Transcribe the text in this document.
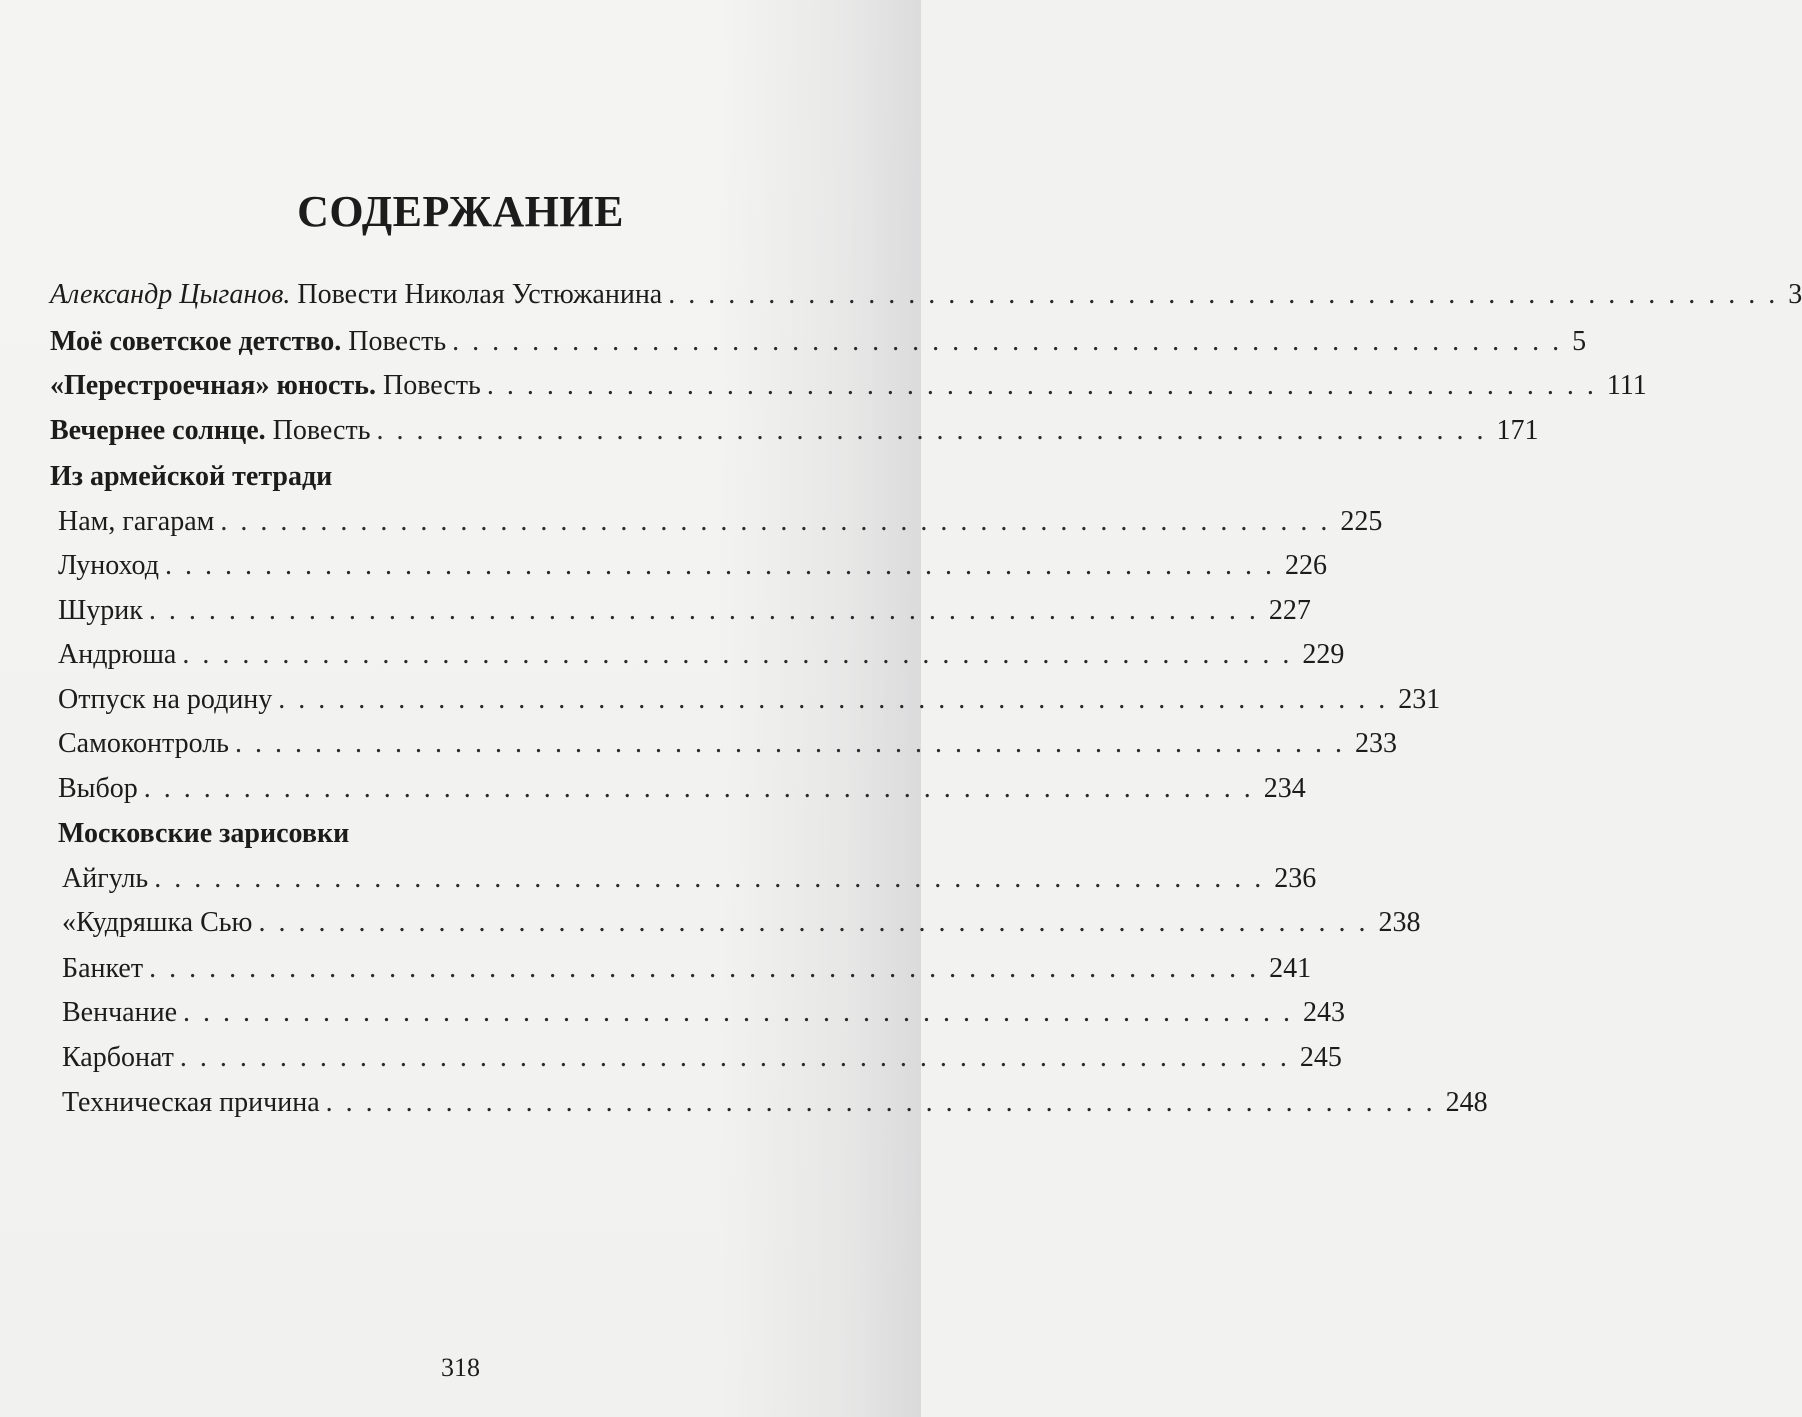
СОДЕРЖАНИЕ
Александр Цыганов. Повести Николая Устюжанина ........................................................ 3
Моё советское детство. Повесть ........................................................ 5
«Перестроечная» юность. Повесть ........................................................ 111
Вечернее солнце. Повесть ........................................................ 171
Из армейской тетради
Нам, гагарам ........................................................ 225
Луноход ........................................................ 226
Шурик ........................................................ 227
Андрюша ........................................................ 229
Отпуск на родину ........................................................ 231
Самоконтроль ........................................................ 233
Выбор ........................................................ 234
Московские зарисовки
Айгуль ........................................................ 236
«Кудряшка Сью ........................................................ 238
Банкет ........................................................ 241
Венчание ........................................................ 243
Карбонат ........................................................ 245
Техническая причина ........................................................ 248
318
